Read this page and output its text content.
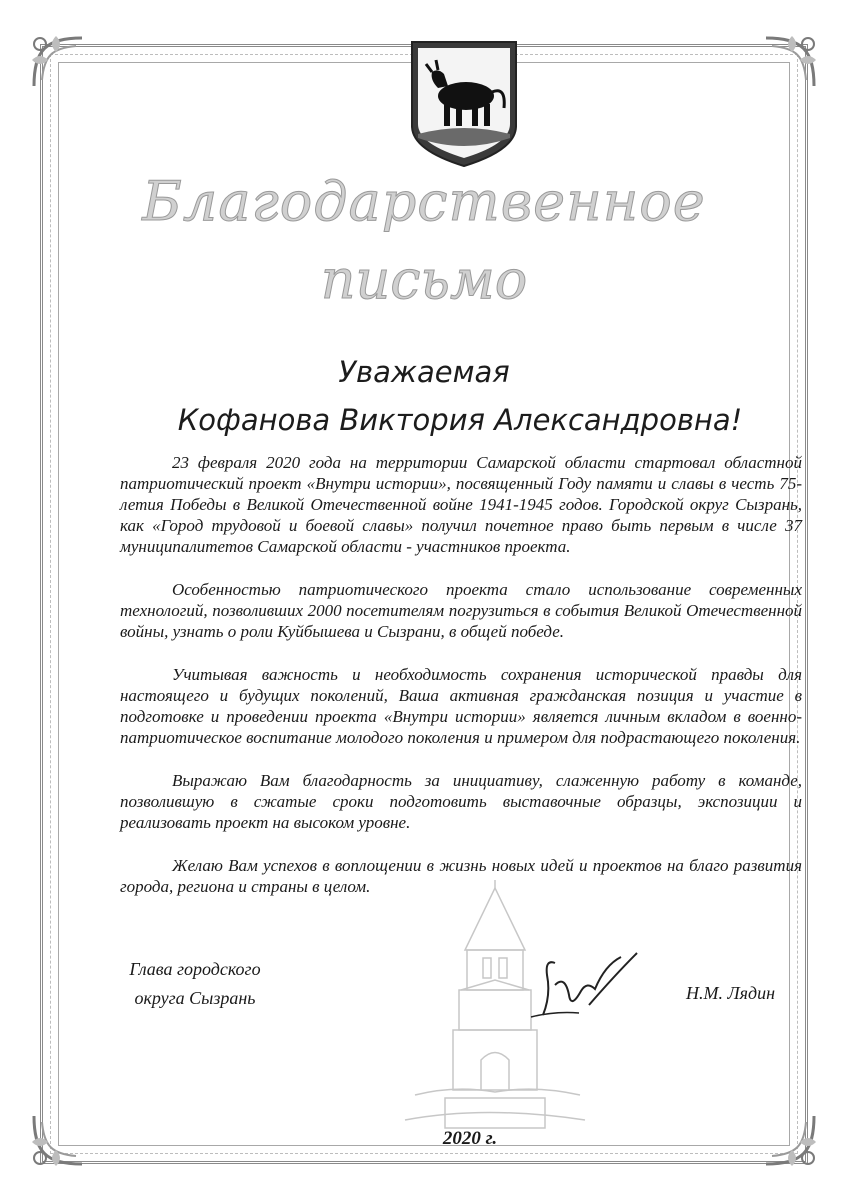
Благодарственное
письмо
Уважаемая
Кофанова Виктория Александровна!

23 февраля 2020 года на территории Самарской области стартовал областной патриотический проект «Внутри истории», посвященный Году памяти и славы в честь 75-летия Победы в Великой Отечественной войне 1941-1945 годов. Городской округ Сызрань, как «Город трудовой и боевой славы» получил почетное право быть первым в числе 37 муниципалитетов Самарской области - участников проекта.

Особенностью патриотического проекта стало использование современных технологий, позволивших 2000 посетителям погрузиться в события Великой Отечественной войны, узнать о роли Куйбышева и Сызрани, в общей победе.

Учитывая важность и необходимость сохранения исторической правды для настоящего и будущих поколений, Ваша активная гражданская позиция и участие в подготовке и проведении проекта «Внутри истории» является личным вкладом в военно-патриотическое воспитание молодого поколения и примером для подрастающего поколения.

Выражаю Вам благодарность за инициативу, слаженную работу в команде, позволившую в сжатые сроки подготовить выставочные образцы, экспозиции и реализовать проект на высоком уровне.

Желаю Вам успехов в воплощении в жизнь новых идей и проектов на благо развития города, региона и страны в целом.

Глава городского
округа Сызрань	Н.М. Лядин
2020 г.
